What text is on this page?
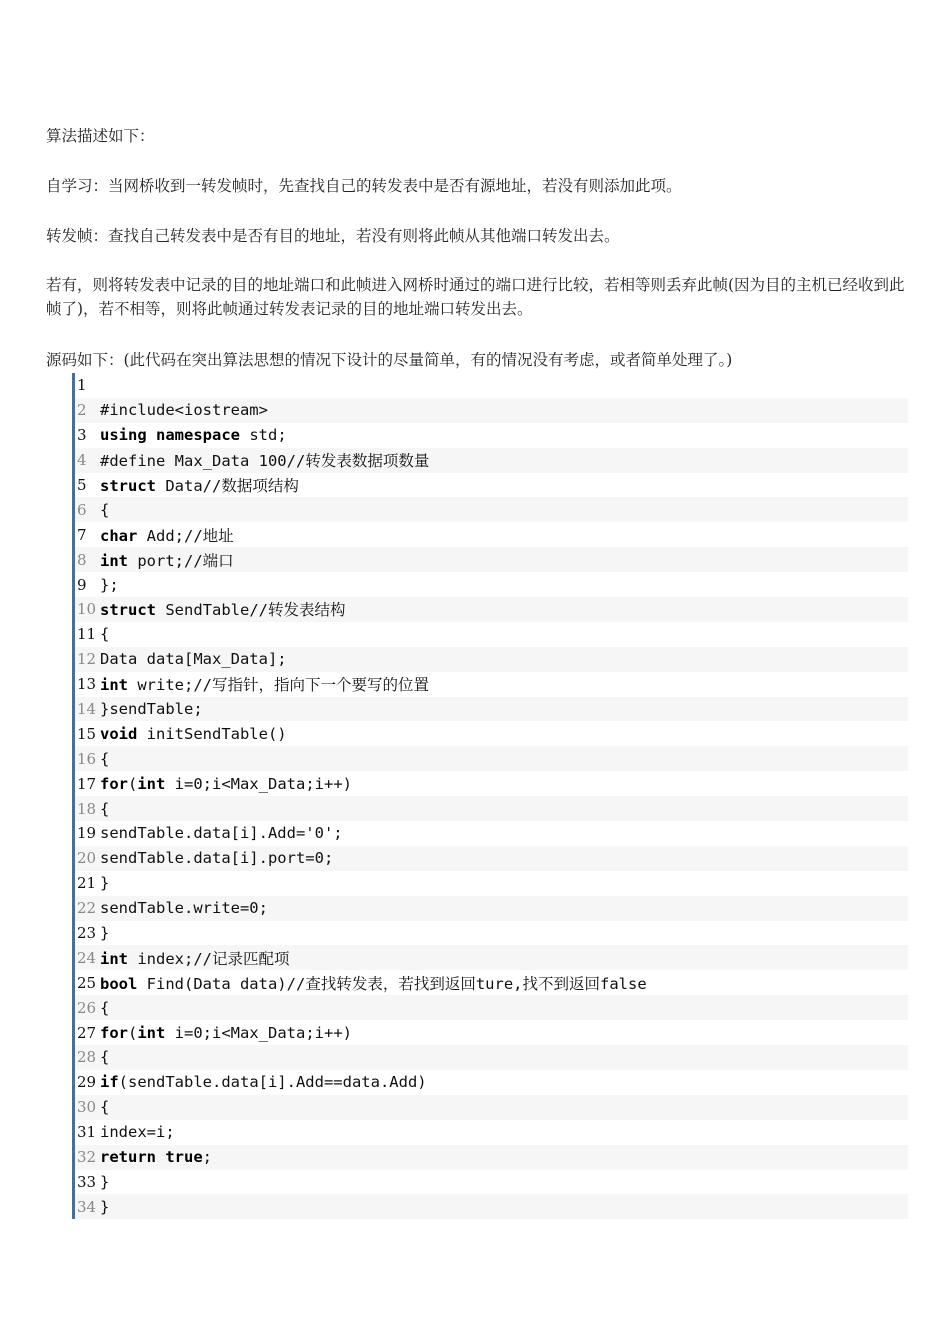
算法描述如下：

自学习：当网桥收到一转发帧时，先查找自己的转发表中是否有源地址，若没有则添加此项。

转发帧：查找自己转发表中是否有目的地址，若没有则将此帧从其他端口转发出去。

若有，则将转发表中记录的目的地址端口和此帧进入网桥时通过的端口进行比较，若相等则丢弃此帧(因为目的主机已经收到此帧了)，若不相等，则将此帧通过转发表记录的目的地址端口转发出去。

源码如下：(此代码在突出算法思想的情况下设计的尽量简单，有的情况没有考虑，或者简单处理了。)

1
2 #include<iostream>
3 using namespace std;
4 #define Max_Data 100//转发表数据项数量
5 struct Data//数据项结构
6 {
7 char Add;//地址
8 int port;//端口
9 };
10 struct SendTable//转发表结构
11 {
12 Data data[Max_Data];
13 int write;//写指针，指向下一个要写的位置
14 }sendTable;
15 void initSendTable()
16 {
17 for(int i=0;i<Max_Data;i++)
18 {
19 sendTable.data[i].Add='0';
20 sendTable.data[i].port=0;
21 }
22 sendTable.write=0;
23 }
24 int index;//记录匹配项
25 bool Find(Data data)//查找转发表，若找到返回ture,找不到返回false
26 {
27 for(int i=0;i<Max_Data;i++)
28 {
29 if(sendTable.data[i].Add==data.Add)
30 {
31 index=i;
32 return true;
33 }
34 }
